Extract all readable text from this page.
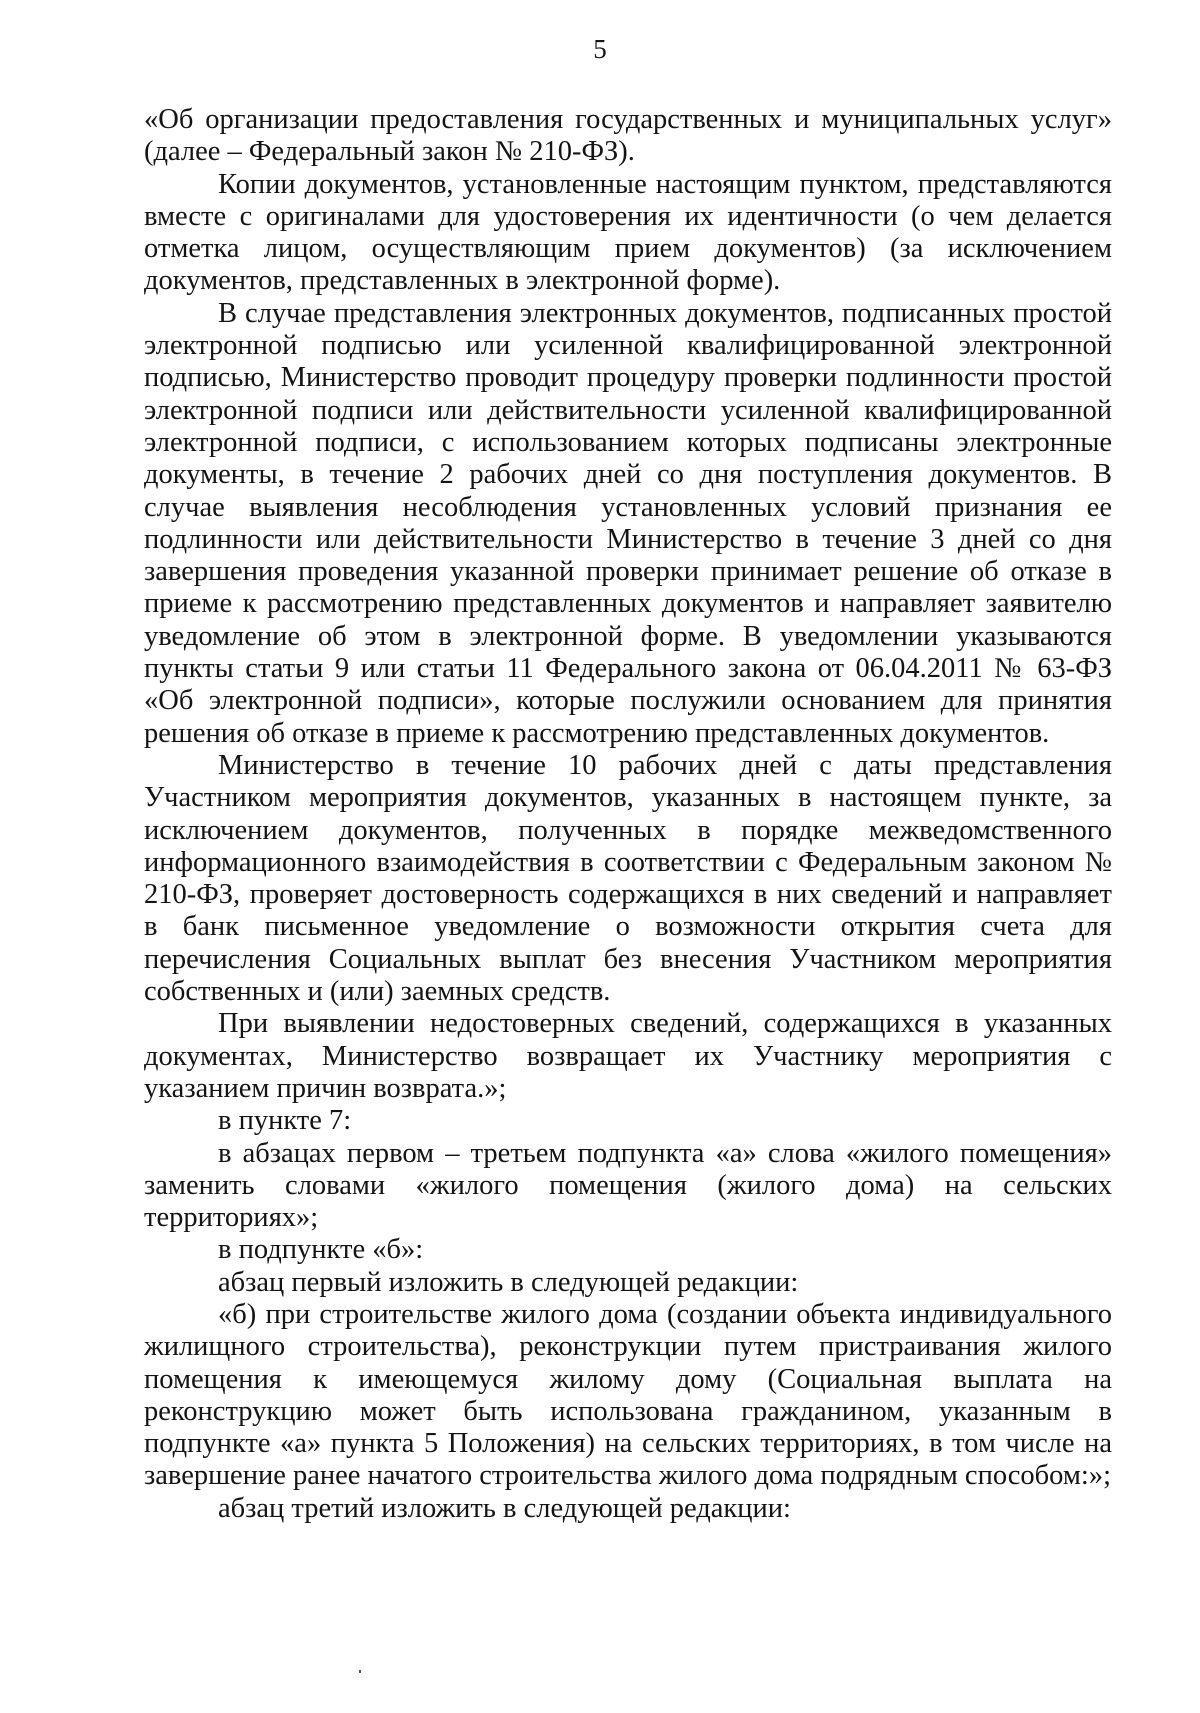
5

«Об организации предоставления государственных и муниципальных услуг» (далее – Федеральный закон № 210-ФЗ).

Копии документов, установленные настоящим пунктом, представляются вместе с оригиналами для удостоверения их идентичности (о чем делается отметка лицом, осуществляющим прием документов) (за исключением документов, представленных в электронной форме).

В случае представления электронных документов, подписанных простой электронной подписью или усиленной квалифицированной электронной подписью, Министерство проводит процедуру проверки подлинности простой электронной подписи или действительности усиленной квалифицированной электронной подписи, с использованием которых подписаны электронные документы, в течение 2 рабочих дней со дня поступления документов. В случае выявления несоблюдения установленных условий признания ее подлинности или действительности Министерство в течение 3 дней со дня завершения проведения указанной проверки принимает решение об отказе в приеме к рассмотрению представленных документов и направляет заявителю уведомление об этом в электронной форме. В уведомлении указываются пункты статьи 9 или статьи 11 Федерального закона от 06.04.2011 № 63-ФЗ «Об электронной подписи», которые послужили основанием для принятия решения об отказе в приеме к рассмотрению представленных документов.

Министерство в течение 10 рабочих дней с даты представления Участником мероприятия документов, указанных в настоящем пункте, за исключением документов, полученных в порядке межведомственного информационного взаимодействия в соответствии с Федеральным законом № 210-ФЗ, проверяет достоверность содержащихся в них сведений и направляет в банк письменное уведомление о возможности открытия счета для перечисления Социальных выплат без внесения Участником мероприятия собственных и (или) заемных средств.

При выявлении недостоверных сведений, содержащихся в указанных документах, Министерство возвращает их Участнику мероприятия с указанием причин возврата.»;

в пункте 7:

в абзацах первом – третьем подпункта «а» слова «жилого помещения» заменить словами «жилого помещения (жилого дома) на сельских территориях»;

в подпункте «б»:

абзац первый изложить в следующей редакции:

«б) при строительстве жилого дома (создании объекта индивидуального жилищного строительства), реконструкции путем пристраивания жилого помещения к имеющемуся жилому дому (Социальная выплата на реконструкцию может быть использована гражданином, указанным в подпункте «а» пункта 5 Положения) на сельских территориях, в том числе на завершение ранее начатого строительства жилого дома подрядным способом:»;

абзац третий изложить в следующей редакции:
